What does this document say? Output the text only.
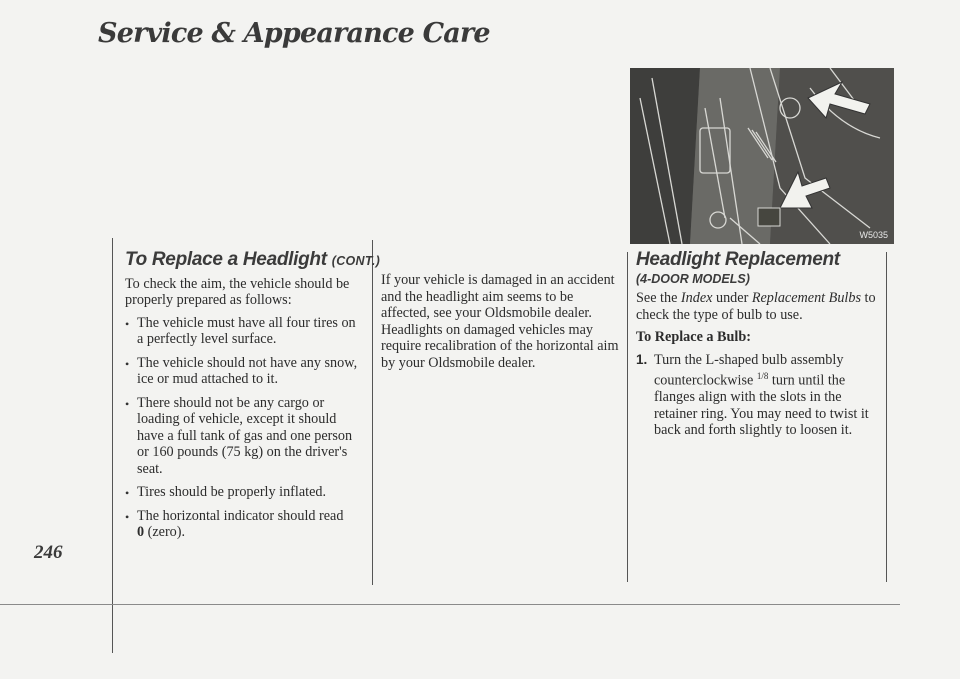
Service & Appearance Care
246
To Replace a Headlight (CONT.)

To check the aim, the vehicle should be properly prepared as follows:

• The vehicle must have all four tires on a perfectly level surface.
• The vehicle should not have any snow, ice or mud attached to it.
• There should not be any cargo or loading of vehicle, except it should have a full tank of gas and one person or 160 pounds (75 kg) on the driver's seat.
• Tires should be properly inflated.
• The horizontal indicator should read
0 (zero).

If your vehicle is damaged in an accident and the headlight aim seems to be affected, see your Oldsmobile dealer. Headlights on damaged vehicles may require recalibration of the horizontal aim by your Oldsmobile dealer.

W5035
Headlight Replacement
(4-DOOR MODELS)

See the Index under Replacement Bulbs to check the type of bulb to use.

To Replace a Bulb:

1. Turn the L-shaped bulb assembly counterclockwise $^{1/8}$ turn until the flanges align with the slots in the retainer ring. You may need to twist it back and forth slightly to loosen it.
